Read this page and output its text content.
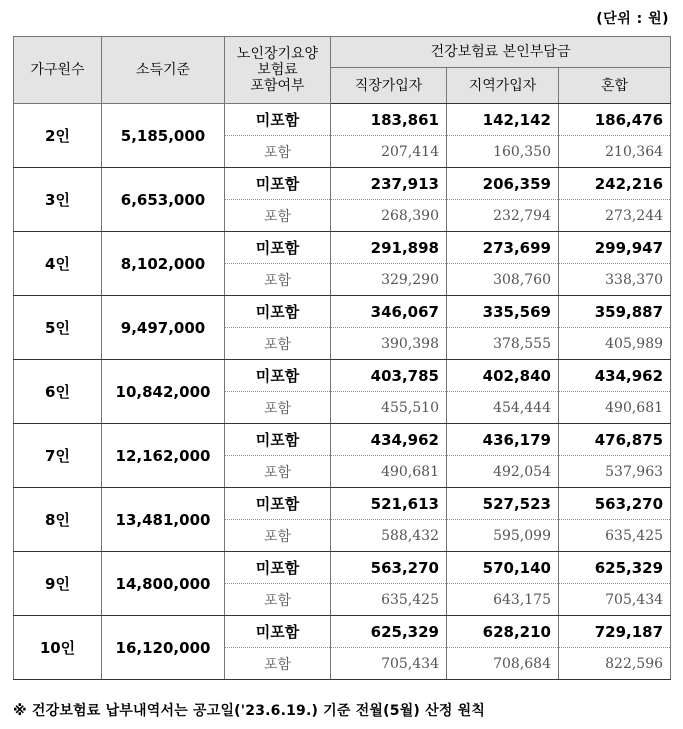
(단위 : 원)
가구원수	소득기준	노인장기요양
보험료
포함여부	건강보험료 본인부담금		
			직장가입자	지역가입자	혼합
2인	5,185,000	미포함	183,861	142,142	186,476
		포함	207,414	160,350	210,364
3인	6,653,000	미포함	237,913	206,359	242,216
		포함	268,390	232,794	273,244
4인	8,102,000	미포함	291,898	273,699	299,947
		포함	329,290	308,760	338,370
5인	9,497,000	미포함	346,067	335,569	359,887
		포함	390,398	378,555	405,989
6인	10,842,000	미포함	403,785	402,840	434,962
		포함	455,510	454,444	490,681
7인	12,162,000	미포함	434,962	436,179	476,875
		포함	490,681	492,054	537,963
8인	13,481,000	미포함	521,613	527,523	563,270
		포함	588,432	595,099	635,425
9인	14,800,000	미포함	563,270	570,140	625,329
		포함	635,425	643,175	705,434
10인	16,120,000	미포함	625,329	628,210	729,187
		포함	705,434	708,684	822,596
※ 건강보험료 납부내역서는 공고일('23.6.19.) 기준 전월(5월) 산정 원칙
